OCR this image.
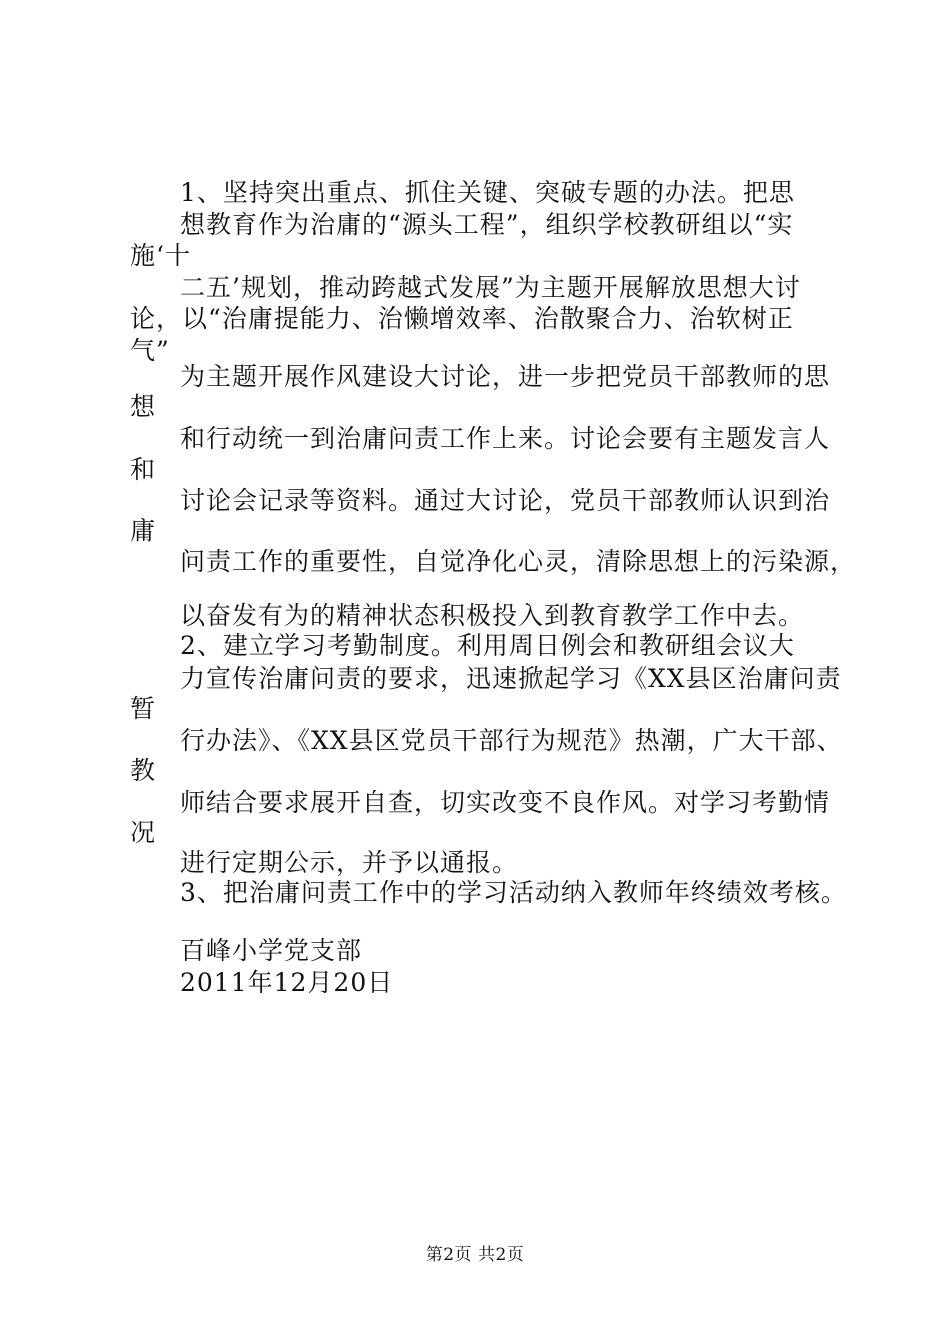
1、坚持突出重点、抓住关键、突破专题的办法。把思
想教育作为治庸的“源头工程”，组织学校教研组以“实
施‘十
二五’规划，推动跨越式发展”为主题开展解放思想大讨
论，以“治庸提能力、治懒增效率、治散聚合力、治软树正
气”
为主题开展作风建设大讨论，进一步把党员干部教师的思
想
和行动统一到治庸问责工作上来。讨论会要有主题发言人
和
讨论会记录等资料。通过大讨论，党员干部教师认识到治
庸
问责工作的重要性，自觉净化心灵，清除思想上的污染源，
以奋发有为的精神状态积极投入到教育教学工作中去。
2、建立学习考勤制度。利用周日例会和教研组会议大
力宣传治庸问责的要求，迅速掀起学习《XX县区治庸问责
暂
行办法》、《XX县区党员干部行为规范》热潮，广大干部、
教
师结合要求展开自查，切实改变不良作风。对学习考勤情
况
进行定期公示，并予以通报。
3、把治庸问责工作中的学习活动纳入教师年终绩效考核。
百峰小学党支部
2011年12月20日
第2页 共2页
